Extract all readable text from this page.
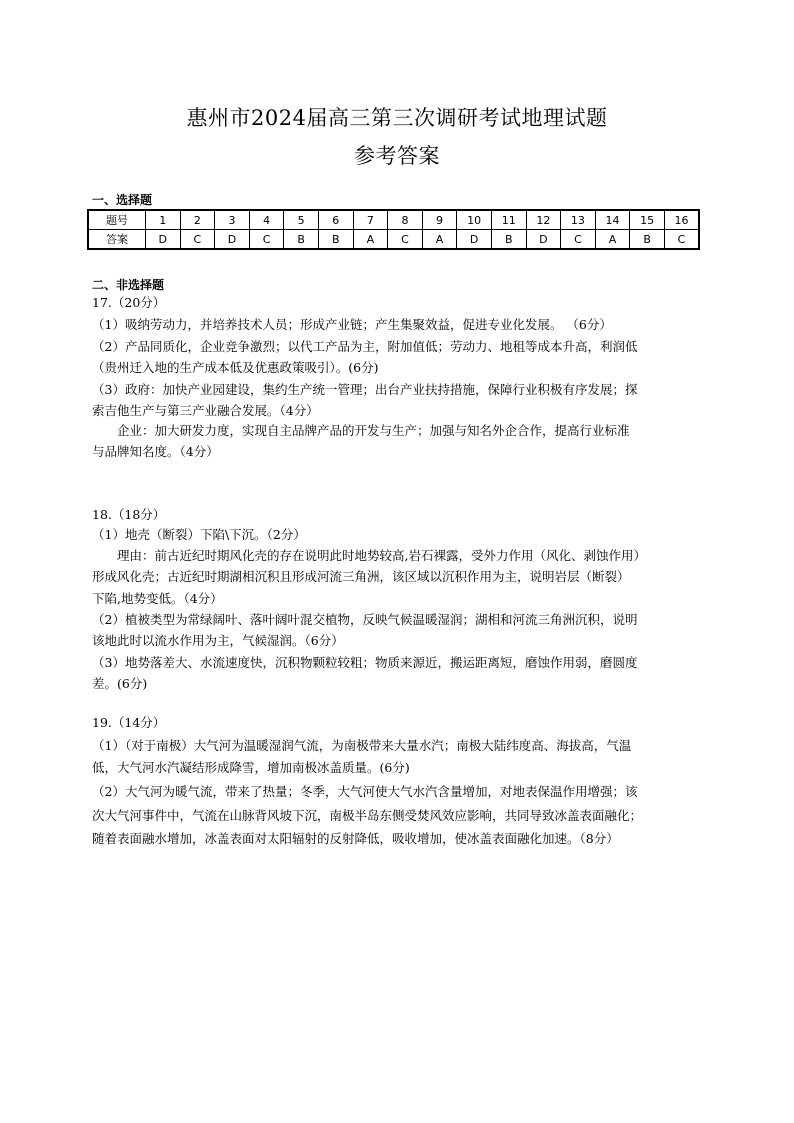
惠州市2024届高三第三次调研考试地理试题
参考答案
一、选择题
题号	1	2	3	4	5	6	7	8	9	10	11	12	13	14	15	16
答案	D	C	D	C	B	B	A	C	A	D	B	D	C	A	B	C
二、非选择题
17.（20分）
（1）吸纳劳动力，并培养技术人员；形成产业链；产生集聚效益，促进专业化发展。 （6分）
（2）产品同质化，企业竞争激烈；以代工产品为主，附加值低；劳动力、地租等成本升高，利润低
（贵州迁入地的生产成本低及优惠政策吸引）。(6分)
（3）政府：加快产业园建设，集约生产统一管理；出台产业扶持措施，保障行业积极有序发展；探
索吉他生产与第三产业融合发展。（4分）
企业：加大研发力度，实现自主品牌产品的开发与生产；加强与知名外企合作，提高行业标准
与品牌知名度。（4分）
18.（18分）
（1）地壳（断裂）下陷\下沉。（2分）
理由：前古近纪时期风化壳的存在说明此时地势较高,岩石裸露，受外力作用（风化、剥蚀作用）
形成风化壳；古近纪时期湖相沉积且形成河流三角洲，该区域以沉积作用为主，说明岩层（断裂）
下陷,地势变低。（4分）
（2）植被类型为常绿阔叶、落叶阔叶混交植物，反映气候温暖湿润；湖相和河流三角洲沉积，说明
该地此时以流水作用为主，气候湿润。（6分）
（3）地势落差大、水流速度快，沉积物颗粒较粗；物质来源近，搬运距离短，磨蚀作用弱，磨圆度
差。(6分)
19.（14分）
（1）（对于南极）大气河为温暖湿润气流，为南极带来大量水汽；南极大陆纬度高、海拔高，气温
低，大气河水汽凝结形成降雪，增加南极冰盖质量。(6分)
（2）大气河为暖气流，带来了热量；冬季，大气河使大气水汽含量增加，对地表保温作用增强；该
次大气河事件中，气流在山脉背风坡下沉，南极半岛东侧受焚风效应影响，共同导致冰盖表面融化；
随着表面融水增加，冰盖表面对太阳辐射的反射降低，吸收增加，使冰盖表面融化加速。（8分）
